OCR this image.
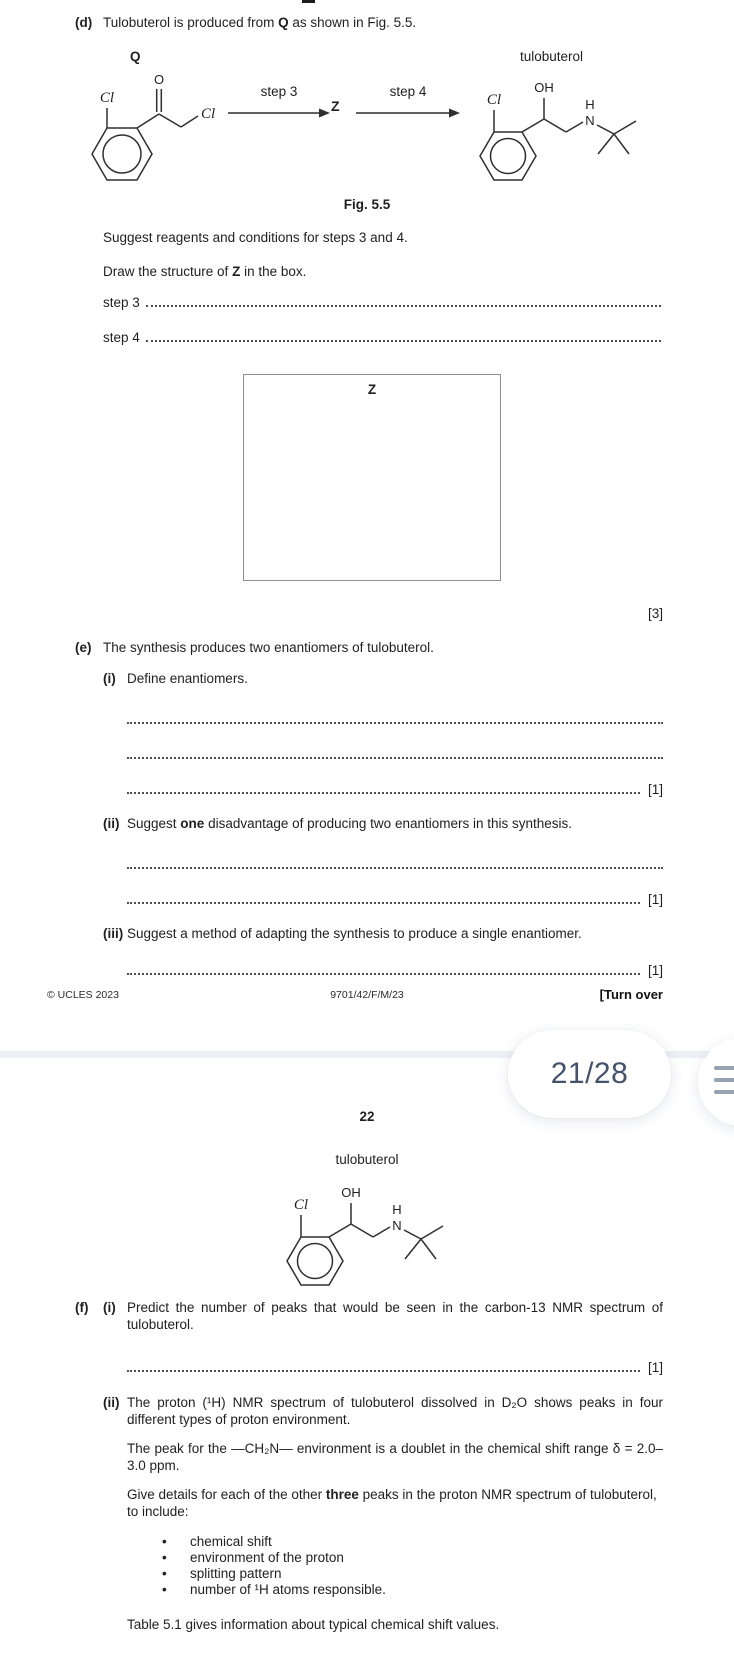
(d) Tulobuterol is produced from Q as shown in Fig. 5.5.
Q	tulobuterol
Cl
O
Cl
step 3
Z
step 4
Cl
OH
N
H
Fig. 5.5

Suggest reagents and conditions for steps 3 and 4.

Draw the structure of Z in the box.

step 3
step 4
Z
[3]
(e) The synthesis produces two enantiomers of tulobuterol.
(i) Define enantiomers.
[1]
(ii) Suggest one disadvantage of producing two enantiomers in this synthesis.
[1]
(iii) Suggest a method of adapting the synthesis to produce a single enantiomer.
[1]
© UCLES 2023	9701/42/F/M/23	[Turn over
22
tulobuterol
Cl
OH
N
H
(f)	(i) Predict the number of peaks that would be seen in the carbon-13 NMR spectrum of tulobuterol.
[1]
(ii) The proton (¹H) NMR spectrum of tulobuterol dissolved in D₂O shows peaks in four different types of proton environment.

The peak for the —CH₂N— environment is a doublet in the chemical shift range δ = 2.0–3.0 ppm.

Give details for each of the other three peaks in the proton NMR spectrum of tulobuterol, to include:

•	chemical shift
•	environment of the proton
•	splitting pattern
•	number of ¹H atoms responsible.

Table 5.1 gives information about typical chemical shift values.

21/28
